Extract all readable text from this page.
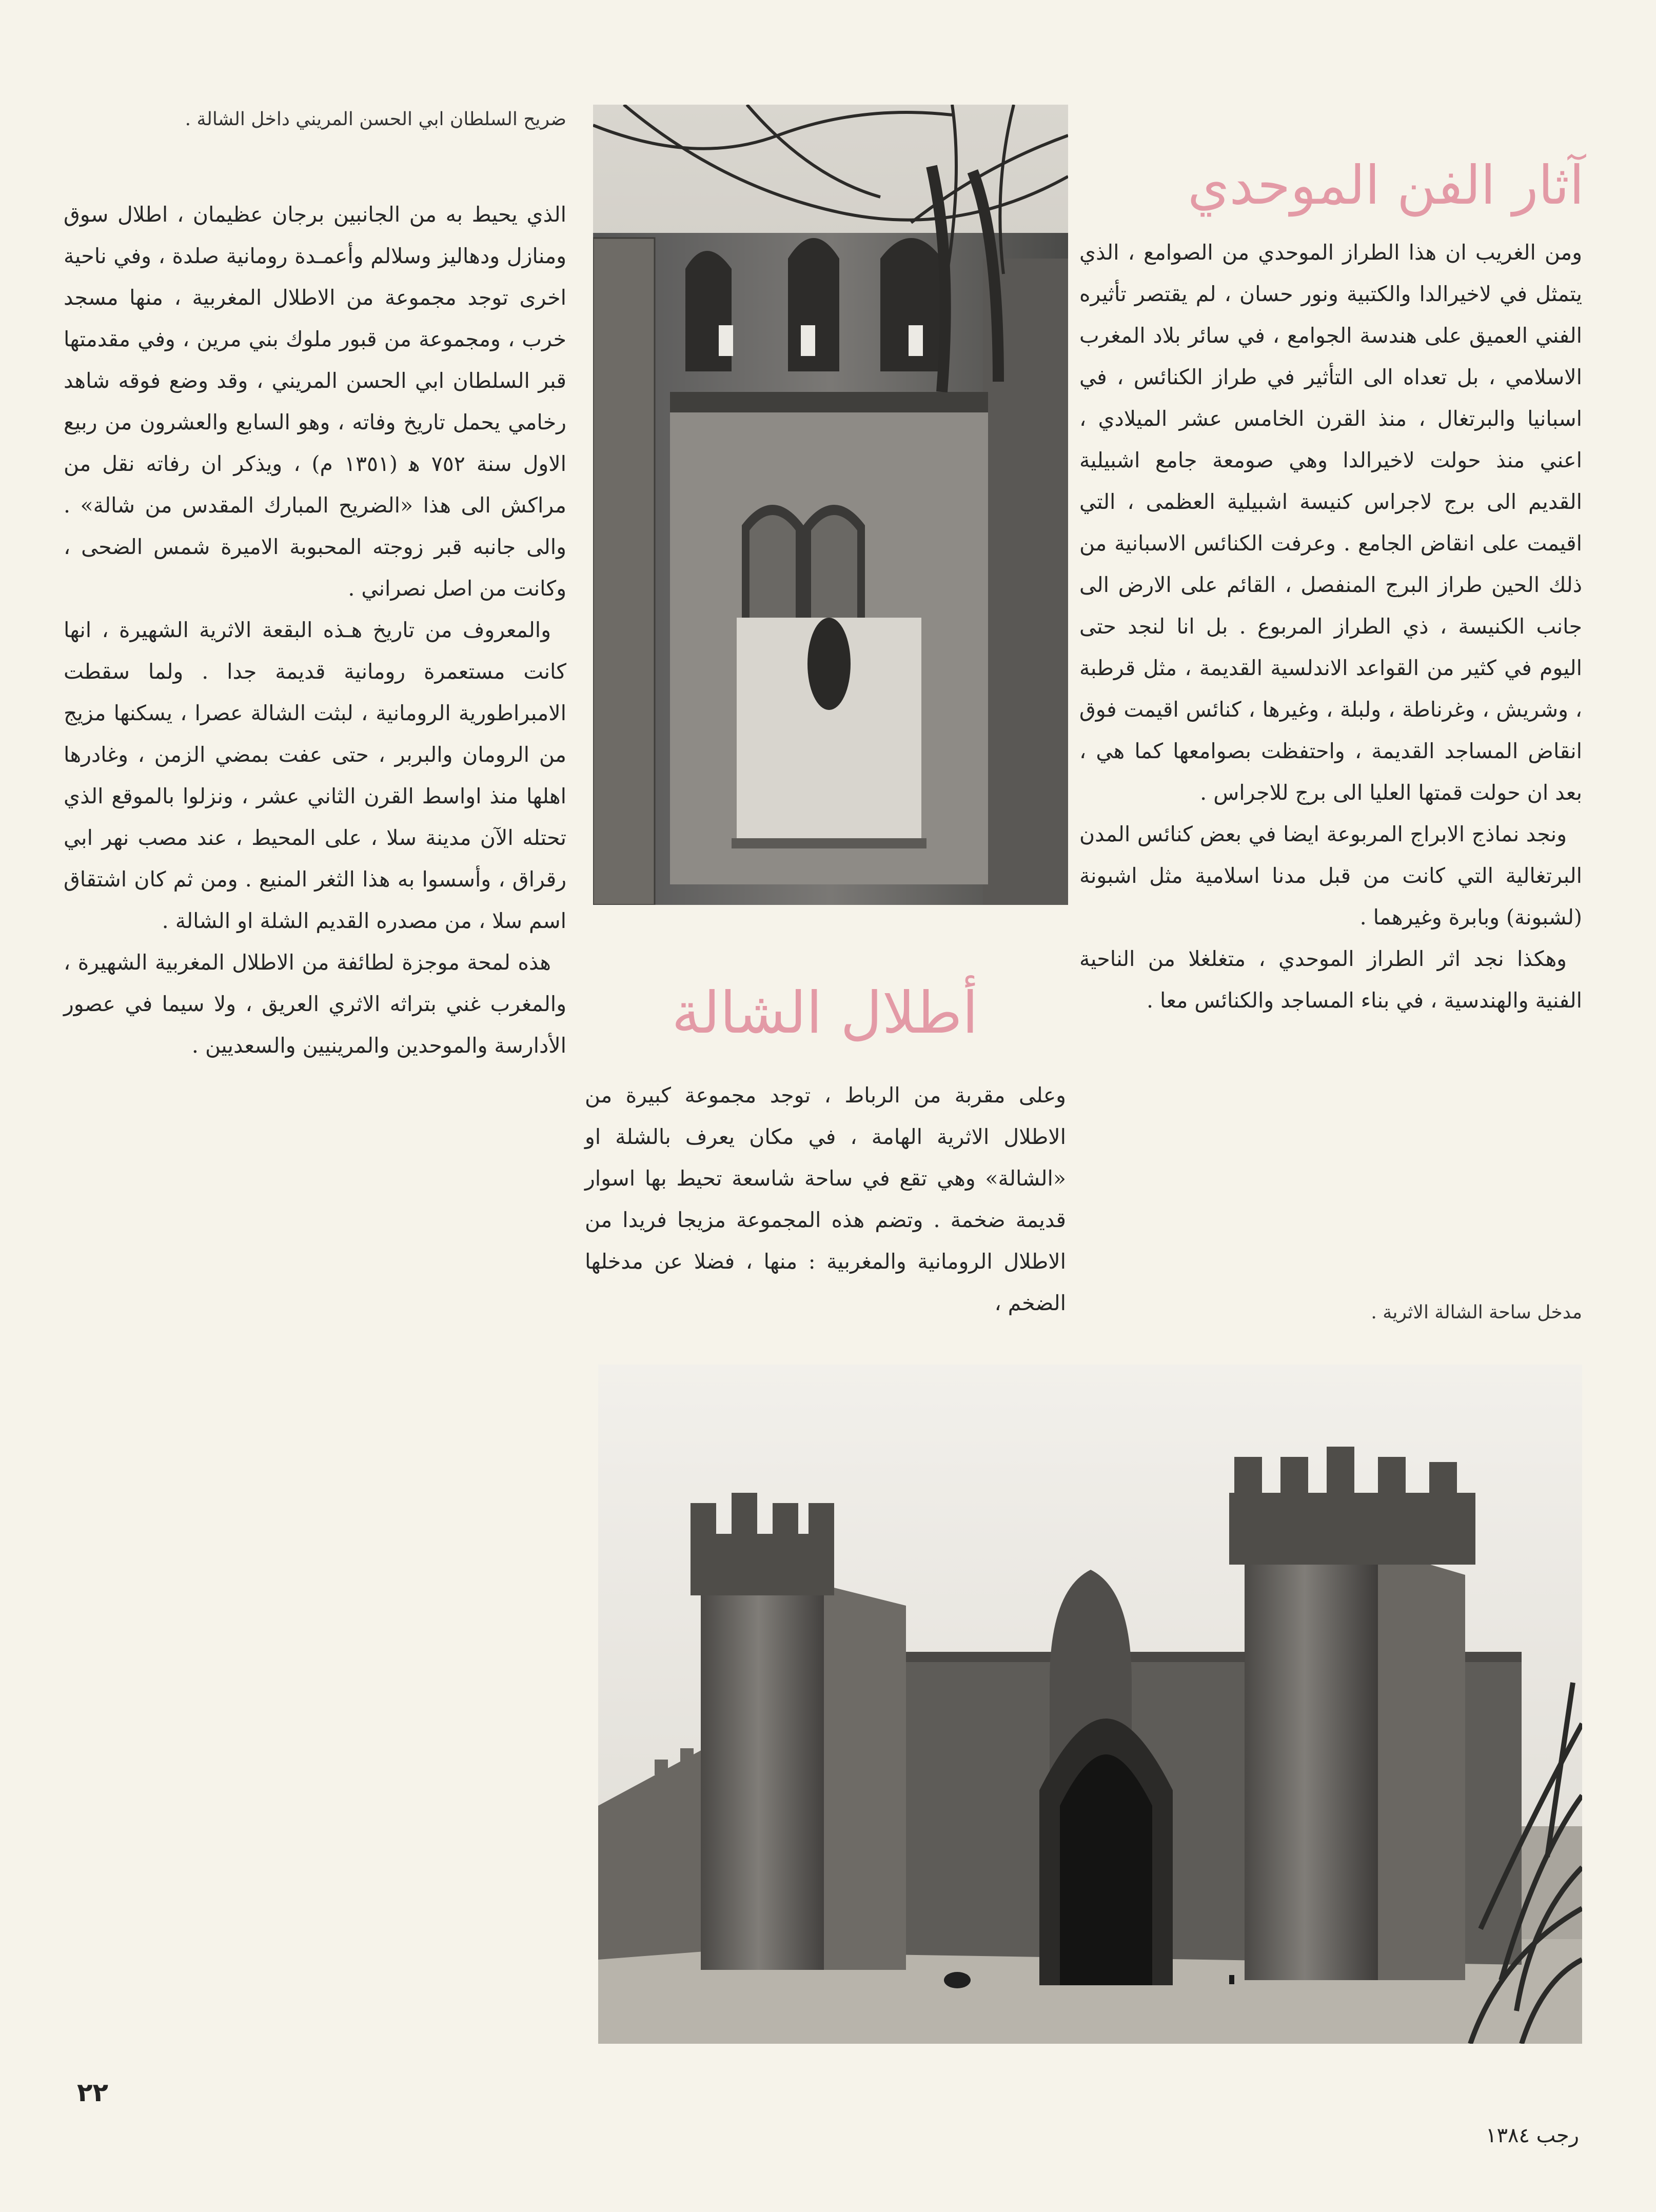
ضريح السلطان ابي الحسن المريني داخل الشالة .
مدخل ساحة الشالة الاثرية .
آثار الفن الموحدي

ومن الغريب ان هذا الطراز الموحدي من الصوامع ، الذي يتمثل في لاخيرالدا والكتبية ونور حسان ، لم يقتصر تأثيره الفني العميق على هندسة الجوامع ، في سائر بلاد المغرب الاسلامي ، بل تعداه الى التأثير في طراز الكنائس ، في اسبانيا والبرتغال ، منذ القرن الخامس عشر الميلادي ، اعني منذ حولت لاخيرالدا وهي صومعة جامع اشبيلية القديم الى برج لاجراس كنيسة اشبيلية العظمى ، التي اقيمت على انقاض الجامع . وعرفت الكنائس الاسبانية من ذلك الحين طراز البرج المنفصل ، القائم على الارض الى جانب الكنيسة ، ذي الطراز المربوع . بل انا لنجد حتى اليوم في كثير من القواعد الاندلسية القديمة ، مثل قرطبة ، وشريش ، وغرناطة ، ولبلة ، وغيرها ، كنائس اقيمت فوق انقاض المساجد القديمة ، واحتفظت بصوامعها كما هي ، بعد ان حولت قمتها العليا الى برج للاجراس .

ونجد نماذج الابراج المربوعة ايضا في بعض كنائس المدن البرتغالية التي كانت من قبل مدنا اسلامية مثل اشبونة (لشبونة) وبابرة وغيرهما .

وهكذا نجد اثر الطراز الموحدي ، متغلغلا من الناحية الفنية والهندسية ، في بناء المساجد والكنائس معا .

أطلال الشالة

وعلى مقربة من الرباط ، توجد مجموعة كبيرة من الاطلال الاثرية الهامة ، في مكان يعرف بالشلة او «الشالة» وهي تقع في ساحة شاسعة تحيط بها اسوار قديمة ضخمة . وتضم هذه المجموعة مزيجا فريدا من الاطلال الرومانية والمغربية : منها ، فضلا عن مدخلها الضخم ،

الذي يحيط به من الجانبين برجان عظيمان ، اطلال سوق ومنازل ودهاليز وسلالم وأعمـدة رومانية صلدة ، وفي ناحية اخرى توجد مجموعة من الاطلال المغربية ، منها مسجد خرب ، ومجموعة من قبور ملوك بني مرين ، وفي مقدمتها قبر السلطان ابي الحسن المريني ، وقد وضع فوقه شاهد رخامي يحمل تاريخ وفاته ، وهو السابع والعشرون من ربيع الاول سنة ٧٥٢ ﻫ (١٣٥١ م) ، ويذكر ان رفاته نقل من مراكش الى هذا «الضريح المبارك المقدس من شالة» . والى جانبه قبر زوجته المحبوبة الاميرة شمس الضحى ، وكانت من اصل نصراني .

والمعروف من تاريخ هـذه البقعة الاثرية الشهيرة ، انها كانت مستعمرة رومانية قديمة جدا . ولما سقطت الامبراطورية الرومانية ، لبثت الشالة عصرا ، يسكنها مزيج من الرومان والبربر ، حتى عفت بمضي الزمن ، وغادرها اهلها منذ اواسط القرن الثاني عشر ، ونزلوا بالموقع الذي تحتله الآن مدينة سلا ، على المحيط ، عند مصب نهر ابي رقراق ، وأسسوا به هذا الثغر المنيع . ومن ثم كان اشتقاق اسم سلا ، من مصدره القديم الشلة او الشالة .

هذه لمحة موجزة لطائفة من الاطلال المغربية الشهيرة ، والمغرب غني بتراثه الاثري العريق ، ولا سيما في عصور الأدارسة والموحدين والمرينيين والسعديين .

٢٢
رجب ١٣٨٤
